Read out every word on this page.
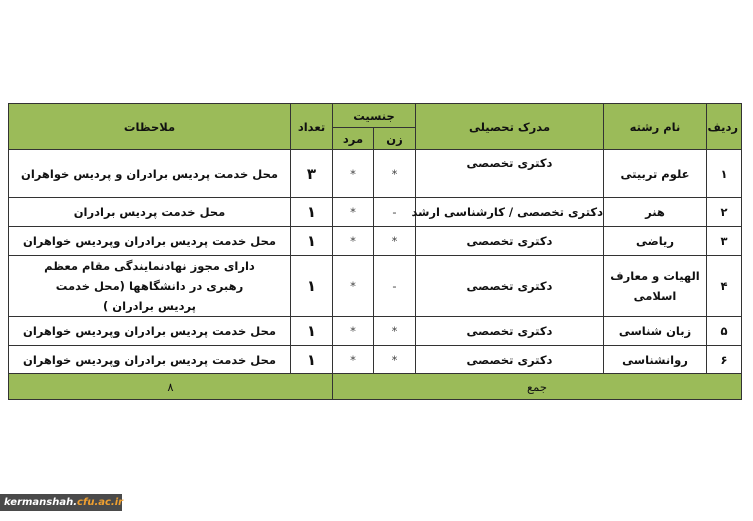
ردیف	نام رشته	مدرک تحصیلی	جنسیت		تعداد	ملاحظات
			زن	مرد		
۱	علوم تربیتی	دکتری تخصصی	*	*	۳	محل خدمت پردیس برادران و پردیس خواهران
۲	هنر	دکتری تخصصی / کارشناسی ارشد	-	*	۱	محل خدمت پردیس برادران
۳	ریاضی	دکتری تخصصی	*	*	۱	محل خدمت پردیس برادران وپردیس خواهران
۴	الهیات و معارف اسلامی	دکتری تخصصی	-	*	۱	دارای مجوز نهادنمایندگی مقام معظم رهبری در دانشگاهها (محل خدمت پردیس برادران )
۵	زبان شناسی	دکتری تخصصی	*	*	۱	محل خدمت پردیس برادران وپردیس خواهران
۶	روانشناسی	دکتری تخصصی	*	*	۱	محل خدمت پردیس برادران وپردیس خواهران
جمع					۸	
kermanshah.cfu.ac.ir
